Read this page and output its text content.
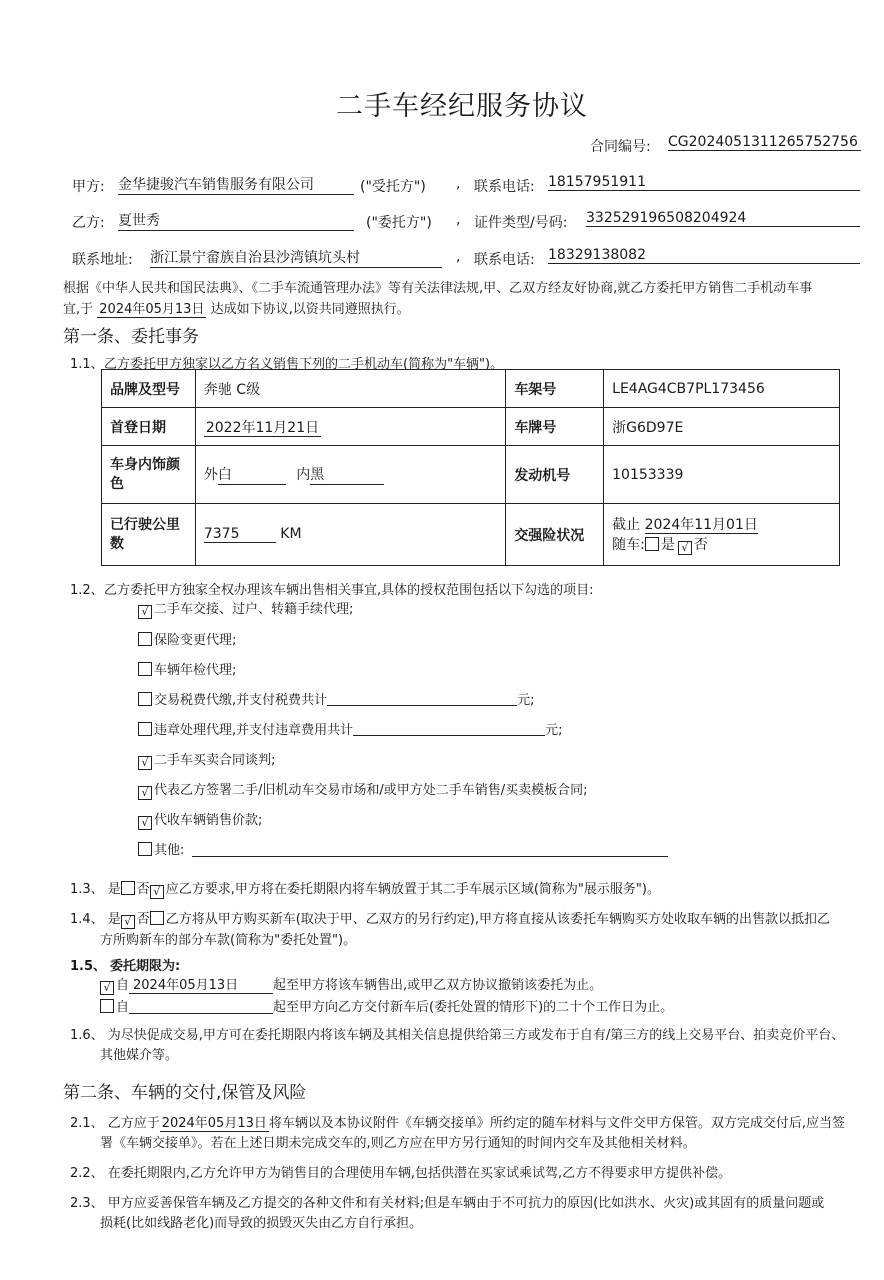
二手车经纪服务协议
合同编号: CG2024051311265752756
甲方: 金华捷骏汽车销售服务有限公司	("受托方") , 联系电话: 18157951911
乙方: 夏世秀	("委托方") , 证件类型/号码: 332529196508204924
联系地址: 浙江景宁畲族自治县沙湾镇坑头村	, 联系电话: 18329138082
根据《中华人民共和国民法典》、《二手车流通管理办法》等有关法律法规,甲、乙双方经友好协商,就乙方委托甲方销售二手机动车事
宜,于 2024年05月13日 达成如下协议,以资共同遵照执行。
第一条、委托事务
1.1、 乙方委托甲方独家以乙方名义销售下列的二手机动车(简称为"车辆")。
品牌及型号	奔驰 C级	车架号	LE4AG4CB7PL173456
首登日期	2022年11月21日	车牌号	浙G6D97E
车身内饰颜色	外白 内黑	发动机号	10153339
已行驶公里数	7375 KM	交强险状况	截止 2024年11月01日
随车: 是 √ 否
1.2、 乙方委托甲方独家全权办理该车辆出售相关事宜,具体的授权范围包括以下勾选的项目:
√二手车交接、过户、转籍手续代理;
保险变更代理;
车辆年检代理;
交易税费代缴,并支付税费共计	元;
违章处理代理,并支付违章费用共计	元;
√二手车买卖合同谈判;
√代表乙方签署二手/旧机动车交易市场和/或甲方处二手车销售/买卖模板合同;
√代收车辆销售价款;
其他:
1.3、 是 否 √ 应乙方要求,甲方将在委托期限内将车辆放置于其二手车展示区域(简称为"展示服务")。
1.4、 是 √ 否 乙方将从甲方购买新车(取决于甲、乙双方的另行约定),甲方将直接从该委托车辆购买方处收取车辆的出售款以抵扣乙
方所购新车的部分车款(简称为"委托处置")。
1.5、 委托期限为:
√自 2024年05月13日	起至甲方将该车辆售出,或甲乙双方协议撤销该委托为止。
自	起至甲方向乙方交付新车后(委托处置的情形下)的二十个工作日为止。
1.6、 为尽快促成交易,甲方可在委托期限内将该车辆及其相关信息提供给第三方或发布于自有/第三方的线上交易平台、拍卖竞价平台、
其他媒介等。
第二条、车辆的交付,保管及风险
2.1、 乙方应于 2024年05月13日 将车辆以及本协议附件《车辆交接单》所约定的随车材料与文件交甲方保管。双方完成交付后,应当签
署《车辆交接单》。若在上述日期未完成交车的,则乙方应在甲方另行通知的时间内交车及其他相关材料。
2.2、 在委托期限内,乙方允许甲方为销售目的合理使用车辆,包括供潜在买家试乘试驾,乙方不得要求甲方提供补偿。
2.3、 甲方应妥善保管车辆及乙方提交的各种文件和有关材料;但是车辆由于不可抗力的原因(比如洪水、火灾)或其固有的质量问题或
损耗(比如线路老化)而导致的损毁灭失由乙方自行承担。
